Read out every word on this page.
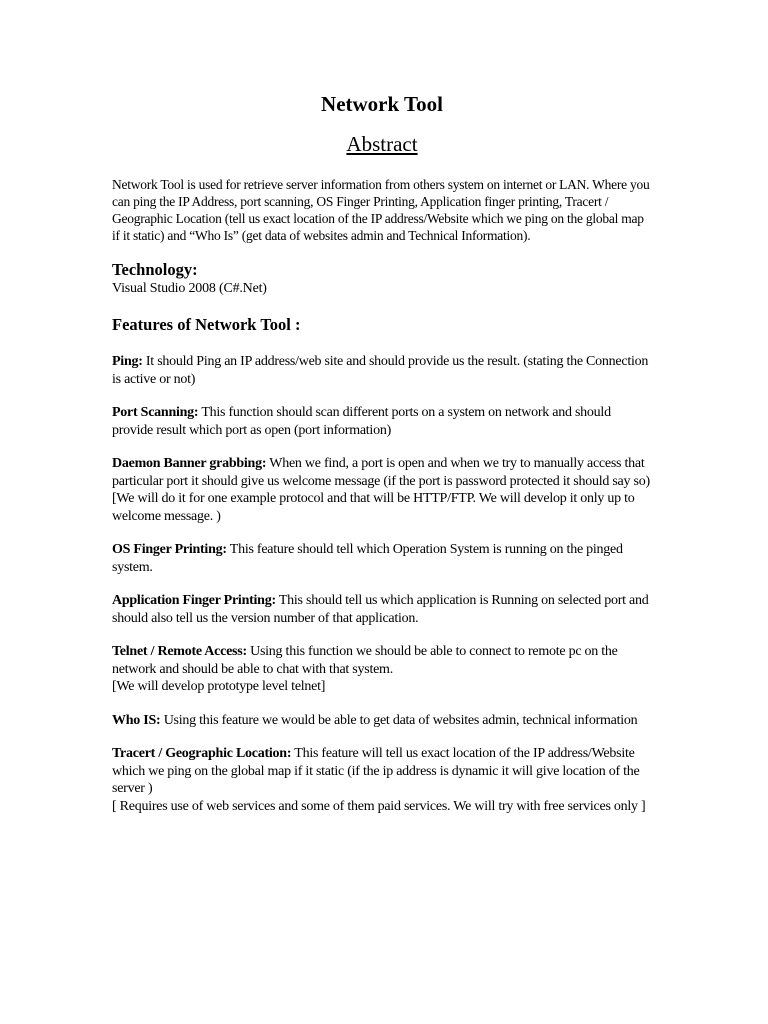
Network Tool
Abstract
Network Tool is used for retrieve server information from others system on internet or LAN. Where you can ping the IP Address, port scanning, OS Finger Printing, Application finger printing, Tracert / Geographic Location (tell us exact location of the IP address/Website which we ping on the global map if it static) and “Who Is” (get data of websites admin and Technical Information).
Technology:
Visual Studio 2008 (C#.Net)
Features of Network Tool :
Ping: It should Ping an IP address/web site and should provide us the result. (stating the Connection is active or not)
Port Scanning: This function should scan different ports on a system on network and should provide result which port as open (port information)
Daemon Banner grabbing: When we find, a port is open and when we try to manually access that particular port it should give us welcome message (if the port is password protected it should say so)
[We will do it for one example protocol and that will be HTTP/FTP. We will develop it only up to welcome message. )
OS Finger Printing: This feature should tell which Operation System is running on the pinged system.
Application Finger Printing: This should tell us which application is Running on selected port and should also tell us the version number of that application.
Telnet / Remote Access: Using this function we should be able to connect to remote pc on the network and should be able to chat with that system.
[We will develop prototype level telnet]
Who IS: Using this feature we would be able to get data of websites admin, technical information
Tracert / Geographic Location: This feature will tell us exact location of the IP address/Website which we ping on the global map if it static (if the ip address is dynamic it will give location of the server )
[ Requires use of web services and some of them paid services. We will try with free services only ]
